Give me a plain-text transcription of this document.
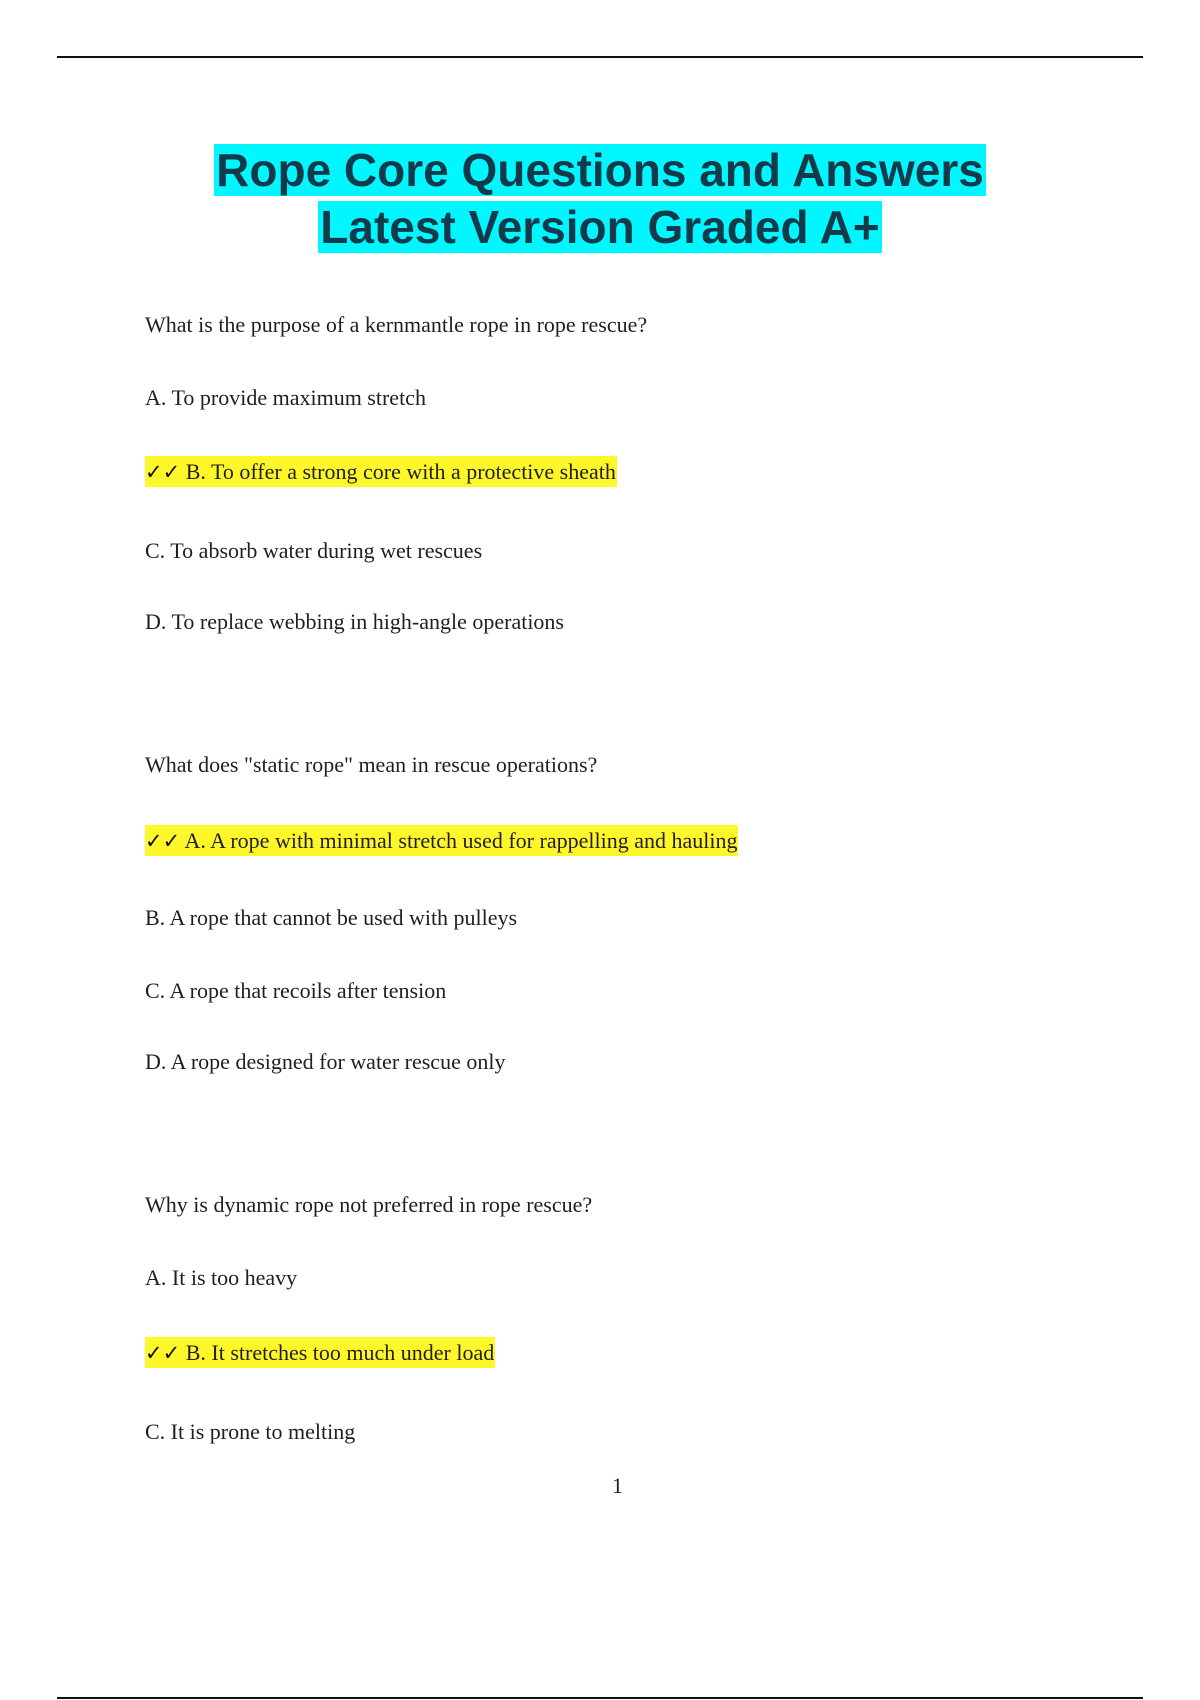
Rope Core Questions and Answers
Latest Version Graded A+
What is the purpose of a kernmantle rope in rope rescue?
A. To provide maximum stretch
✓✓ B. To offer a strong core with a protective sheath
C. To absorb water during wet rescues
D. To replace webbing in high-angle operations
What does "static rope" mean in rescue operations?
✓✓ A. A rope with minimal stretch used for rappelling and hauling
B. A rope that cannot be used with pulleys
C. A rope that recoils after tension
D. A rope designed for water rescue only
Why is dynamic rope not preferred in rope rescue?
A. It is too heavy
✓✓ B. It stretches too much under load
C. It is prone to melting
1
